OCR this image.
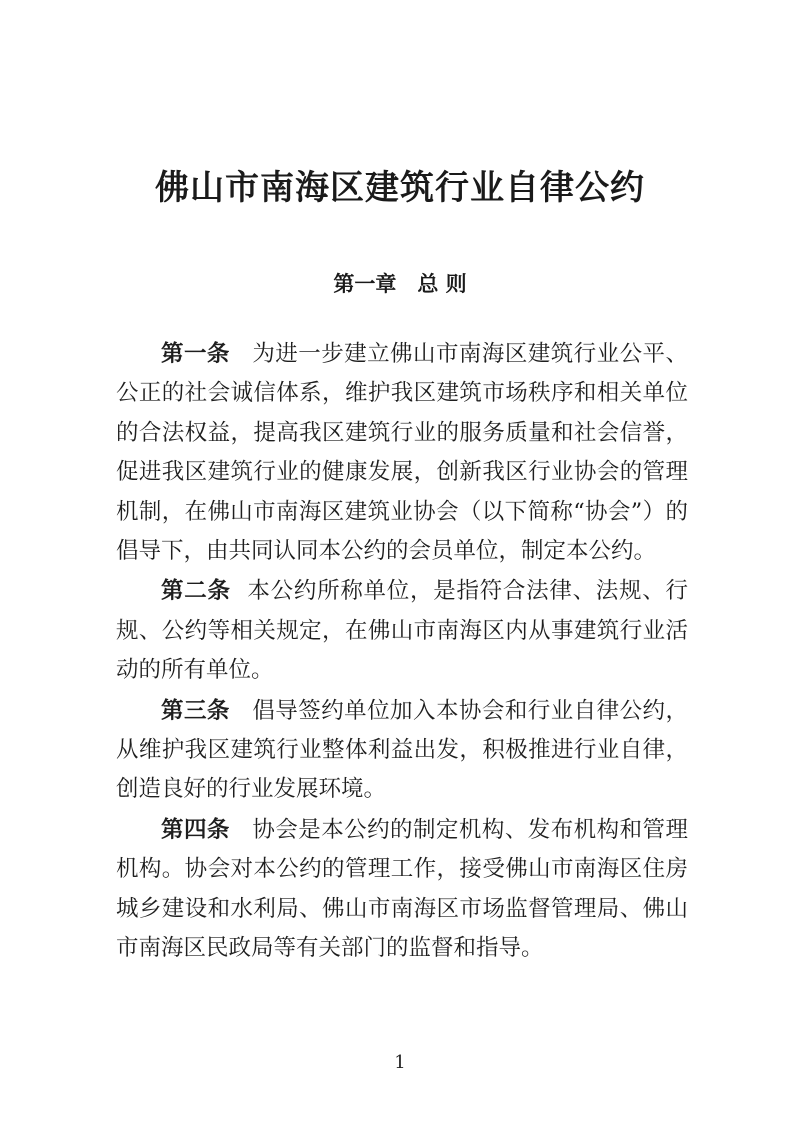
佛山市南海区建筑行业自律公约
第一章　总 则

第一条 为进一步建立佛山市南海区建筑行业公平、公正的社会诚信体系，维护我区建筑市场秩序和相关单位的合法权益，提高我区建筑行业的服务质量和社会信誉，促进我区建筑行业的健康发展，创新我区行业协会的管理机制，在佛山市南海区建筑业协会（以下简称“协会”）的倡导下，由共同认同本公约的会员单位，制定本公约。

第二条 本公约所称单位，是指符合法律、法规、行规、公约等相关规定，在佛山市南海区内从事建筑行业活动的所有单位。

第三条 倡导签约单位加入本协会和行业自律公约，从维护我区建筑行业整体利益出发，积极推进行业自律，创造良好的行业发展环境。

第四条 协会是本公约的制定机构、发布机构和管理机构。协会对本公约的管理工作，接受佛山市南海区住房城乡建设和水利局、佛山市南海区市场监督管理局、佛山市南海区民政局等有关部门的监督和指导。

1
